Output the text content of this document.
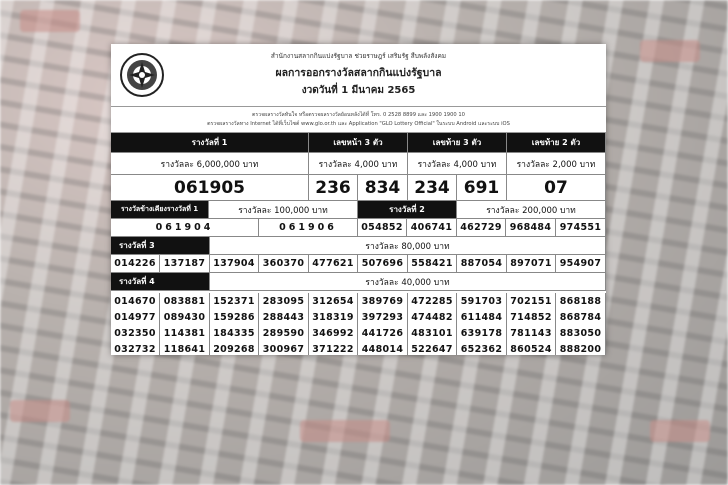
สำนักงานสลากกินแบ่งรัฐบาล ช่วยราษฎร์ เสริมรัฐ สืบพลังสังคม
ผลการออกรางวัลสลากกินแบ่งรัฐบาล
งวดวันที่ 1 มีนาคม 2565
ตรวจผลรางวัลทันใจ หรือตรวจผลรางวัลย้อนหลังได้ที่ โทร. 0 2528 8899 และ 1900 1900 10
ตรวจผลรางวัลทาง Internet ได้ที่เว็บไซต์ www.glo.or.th และ Application "GLO Lottery Official" ในระบบ Android และระบบ iOS
รางวัลที่ 1	เลขหน้า 3 ตัว	เลขท้าย 3 ตัว	เลขท้าย 2 ตัว
รางวัลละ 6,000,000 บาท	รางวัลละ 4,000 บาท	รางวัลละ 4,000 บาท	รางวัลละ 2,000 บาท
061905	236 834 234 691	07
รางวัลข้างเคียงรางวัลที่ 1	รางวัลละ 100,000 บาท	รางวัลที่ 2	รางวัลละ 200,000 บาท
061904	061906	054852 406741 462729 968484 974551
รางวัลที่ 3	รางวัลละ 80,000 บาท
014226 137187 137904 360370 477621 507696 558421 887054 897071 954907
รางวัลที่ 4	รางวัลละ 40,000 บาท
014670 083881 152371 283095 312654 389769 472285 591703 702151 868188
014977 089430 159286 288443 318319 397293 474482 611484 714852 868784
032350 114381 184335 289590 346992 441726 483101 639178 781143 883050
032732 118641 209268 300967 371222 448014 522647 652362 860524 888200
